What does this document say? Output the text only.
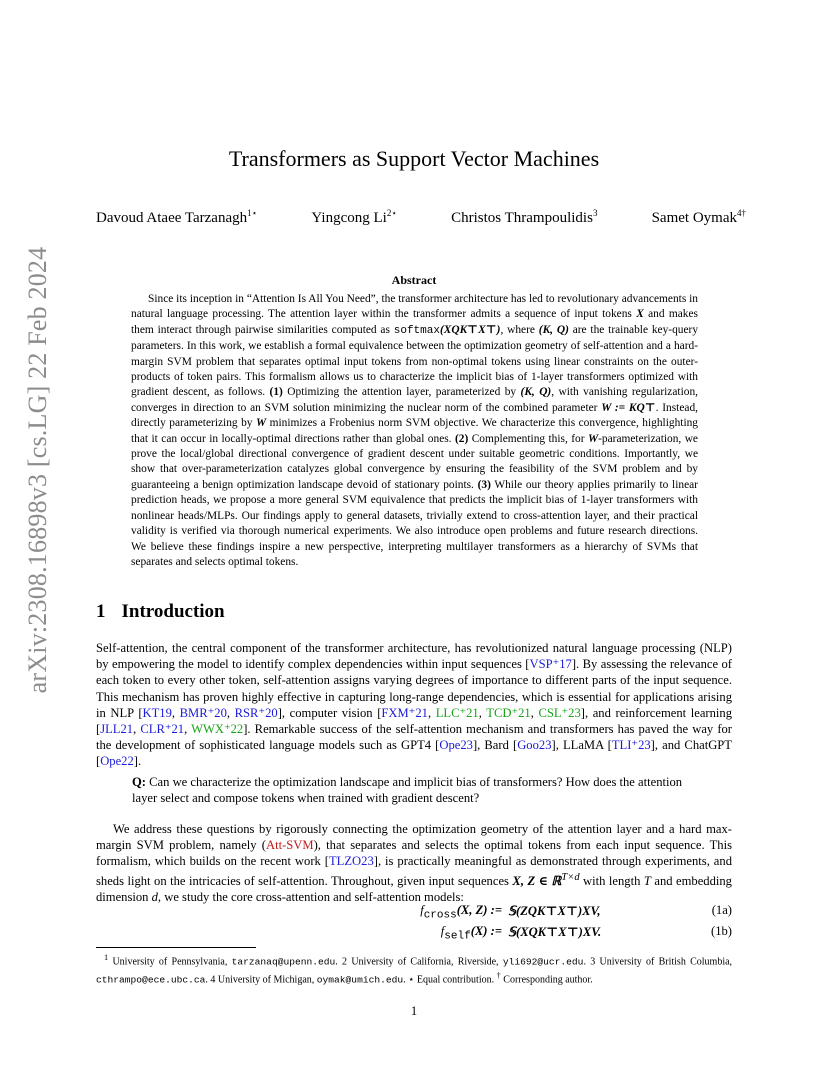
arXiv:2308.16898v3 [cs.LG] 22 Feb 2024
Transformers as Support Vector Machines
Davoud Ataee Tarzanagh$^{1⋆}$	Yingcong $Li^{2⋆}$	Christos Thrampoulidis$^3$	Samet Oymak$^{4\dagger}$
Abstract

Since its inception in “Attention Is All You Need”, the transformer architecture has led to revolutionary advancements in natural language processing. The attention layer within the transformer admits a sequence of input tokens X and makes them interact through pairwise similarities computed as softmax(XQK⊤X⊤), where (K, Q) are the trainable key-query parameters. In this work, we establish a formal equivalence between the optimization geometry of self-attention and a hard-margin SVM problem that separates optimal input tokens from non-optimal tokens using linear constraints on the outer-products of token pairs. This formalism allows us to characterize the implicit bias of 1-layer transformers optimized with gradient descent, as follows. (1) Optimizing the attention layer, parameterized by (K, Q), with vanishing regularization, converges in direction to an SVM solution minimizing the nuclear norm of the combined parameter W := KQ⊤. Instead, directly parameterizing by W minimizes a Frobenius norm SVM objective. We characterize this convergence, highlighting that it can occur in locally-optimal directions rather than global ones. (2) Complementing this, for W-parameterization, we prove the local/global directional convergence of gradient descent under suitable geometric conditions. Importantly, we show that over-parameterization catalyzes global convergence by ensuring the feasibility of the SVM problem and by guaranteeing a benign optimization landscape devoid of stationary points. (3) While our theory applies primarily to linear prediction heads, we propose a more general SVM equivalence that predicts the implicit bias of 1-layer transformers with nonlinear heads/MLPs. Our findings apply to general datasets, trivially extend to cross-attention layer, and their practical validity is verified via thorough numerical experiments. We also introduce open problems and future research directions. We believe these findings inspire a new perspective, interpreting multilayer transformers as a hierarchy of SVMs that separates and selects optimal tokens.

1 Introduction

Self-attention, the central component of the transformer architecture, has revolutionized natural language processing (NLP) by empowering the model to identify complex dependencies within input sequences [VSP⁺17]. By assessing the relevance of each token to every other token, self-attention assigns varying degrees of importance to different parts of the input sequence. This mechanism has proven highly effective in capturing long-range dependencies, which is essential for applications arising in NLP [KT19, BMR⁺20, RSR⁺20], computer vision [FXM⁺21, LLC⁺21, TCD⁺21, CSL⁺23], and reinforcement learning [JLL21, CLR⁺21, WWX⁺22]. Remarkable success of the self-attention mechanism and transformers has paved the way for the development of sophisticated language models such as GPT4 [Ope23], Bard [Goo23], LLaMA [TLI⁺23], and ChatGPT [Ope22].

Q: Can we characterize the optimization landscape and implicit bias of transformers? How does the attention layer select and compose tokens when trained with gradient descent?

We address these questions by rigorously connecting the optimization geometry of the attention layer and a hard max-margin SVM problem, namely (Att-SVM), that separates and selects the optimal tokens from each input sequence. This formalism, which builds on the recent work [TLZO23], is practically meaningful as demonstrated through experiments, and sheds light on the intricacies of self-attention. Throughout, given input sequences X, Z ∈ ℝ$^{T\times d}$ with length T and embedding dimension d, we study the core cross-attention and self-attention models:

$f_{cross}(X$, Z) := 𝕊(ZQK⊤X⊤)XV,	(1a)
$f_{self}(X)$ := 𝕊(XQK⊤X⊤)XV.	(1b)

$^1$ University of Pennsylvania, tarzanaq@upenn.edu. 2 University of California, Riverside, yli692@ucr.edu. 3 University of British Columbia, cthrampo@ece.ubc.ca. 4 University of Michigan, oymak@umich.edu. ⋆ Equal contribution. † Corresponding author.

1
